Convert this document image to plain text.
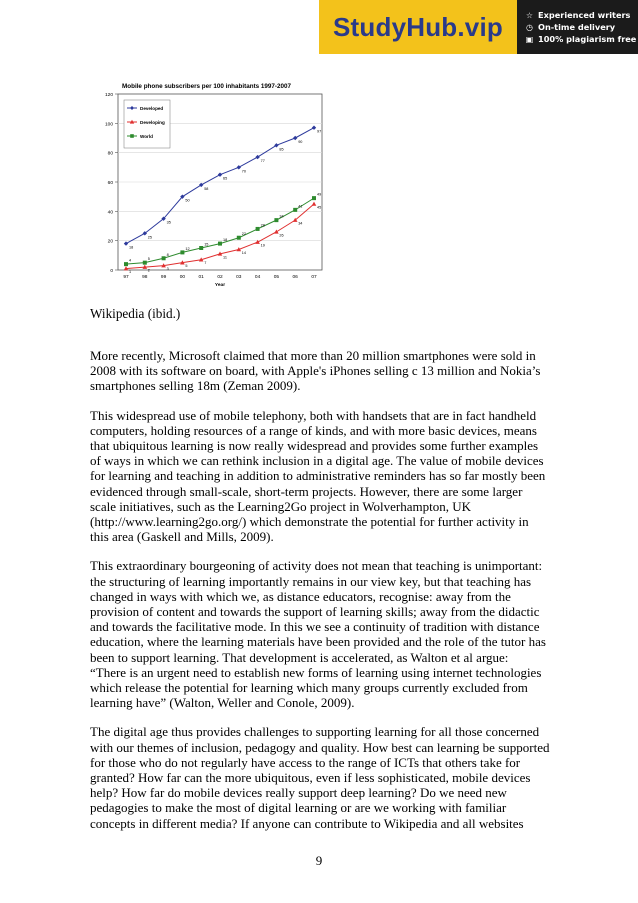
StudyHub.vip	☆ Experienced writers
◷ On-time delivery
▣ 100% plagiarism free
Mobile phone subscribers per 100 inhabitants 1997-2007
0
20
40
60
80
100
120
97	98	99	00	01	02	03	04	05	06	07
Year
18
25
35
50
58
65
70
77
85
90
97
1	2	3
5
7
11
14
19
26
34
45
4	5
8
12
15
18
22
28
34
41
49
Developed
Developing
World
Wikipedia (ibid.)

More recently, Microsoft claimed that more than 20 million smartphones were sold in
2008 with its software on board, with Apple's iPhones selling c 13 million and Nokia’s
smartphones selling 18m (Zeman 2009).

This widespread use of mobile telephony, both with handsets that are in fact handheld
computers, holding resources of a range of kinds, and with more basic devices, means
that ubiquitous learning is now really widespread and provides some further examples
of ways in which we can rethink inclusion in a digital age. The value of mobile devices
for learning and teaching in addition to administrative reminders has so far mostly been
evidenced through small-scale, short-term projects. However, there are some larger
scale initiatives, such as the Learning2Go project in Wolverhampton, UK
(http://www.learning2go.org/) which demonstrate the potential for further activity in
this area (Gaskell and Mills, 2009).

This extraordinary bourgeoning of activity does not mean that teaching is unimportant:
the structuring of learning importantly remains in our view key, but that teaching has
changed in ways with which we, as distance educators, recognise: away from the
provision of content and towards the support of learning skills; away from the didactic
and towards the facilitative mode. In this we see a continuity of tradition with distance
education, where the learning materials have been provided and the role of the tutor has
been to support learning. That development is accelerated, as Walton et al argue:
“There is an urgent need to establish new forms of learning using internet technologies
which release the potential for learning which many groups currently excluded from
learning have” (Walton, Weller and Conole, 2009).

The digital age thus provides challenges to supporting learning for all those concerned
with our themes of inclusion, pedagogy and quality. How best can learning be supported
for those who do not regularly have access to the range of ICTs that others take for
granted? How far can the more ubiquitous, even if less sophisticated, mobile devices
help? How far do mobile devices really support deep learning? Do we need new
pedagogies to make the most of digital learning or are we working with familiar
concepts in different media? If anyone can contribute to Wikipedia and all websites

9
